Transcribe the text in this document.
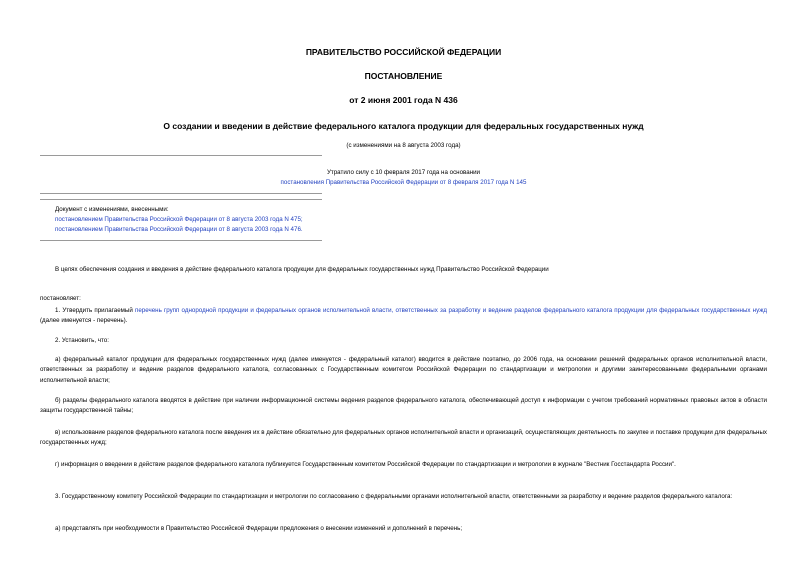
ПРАВИТЕЛЬСТВО РОССИЙСКОЙ ФЕДЕРАЦИИ
ПОСТАНОВЛЕНИЕ
от 2 июня 2001 года N 436
О создании и введении в действие федерального каталога продукции для федеральных государственных нужд
(с изменениями на 8 августа 2003 года)
Утратило силу с 10 февраля 2017 года на основании
постановления Правительства Российской Федерации от 8 февраля 2017 года N 145
Документ с изменениями, внесенными:
постановлением Правительства Российской Федерации от 8 августа 2003 года N 475;
постановлением Правительства Российской Федерации от 8 августа 2003 года N 476.
В целях обеспечения создания и введения в действие федерального каталога продукции для федеральных государственных нужд Правительство Российской Федерации
постановляет:
1. Утвердить прилагаемый перечень групп однородной продукции и федеральных органов исполнительной власти, ответственных за разработку и ведение разделов федерального каталога продукции для федеральных государственных нужд (далее именуется - перечень).
2. Установить, что:
а) федеральный каталог продукции для федеральных государственных нужд (далее именуется - федеральный каталог) вводится в действие поэтапно, до 2006 года, на основании решений федеральных органов исполнительной власти, ответственных за разработку и ведение разделов федерального каталога, согласованных с Государственным комитетом Российской Федерации по стандартизации и метрологии и другими заинтересованными федеральными органами исполнительной власти;
б) разделы федерального каталога вводятся в действие при наличии информационной системы ведения разделов федерального каталога, обеспечивающей доступ к информации с учетом требований нормативных правовых актов в области защиты государственной тайны;
в) использование разделов федерального каталога после введения их в действие обязательно для федеральных органов исполнительной власти и организаций, осуществляющих деятельность по закупке и поставке продукции для федеральных государственных нужд;
г) информация о введении в действие разделов федерального каталога публикуется Государственным комитетом Российской Федерации по стандартизации и метрологии в журнале "Вестник Госстандарта России".
3. Государственному комитету Российской Федерации по стандартизации и метрологии по согласованию с федеральными органами исполнительной власти, ответственными за разработку и ведение разделов федерального каталога:
а) представлять при необходимости в Правительство Российской Федерации предложения о внесении изменений и дополнений в перечень;
